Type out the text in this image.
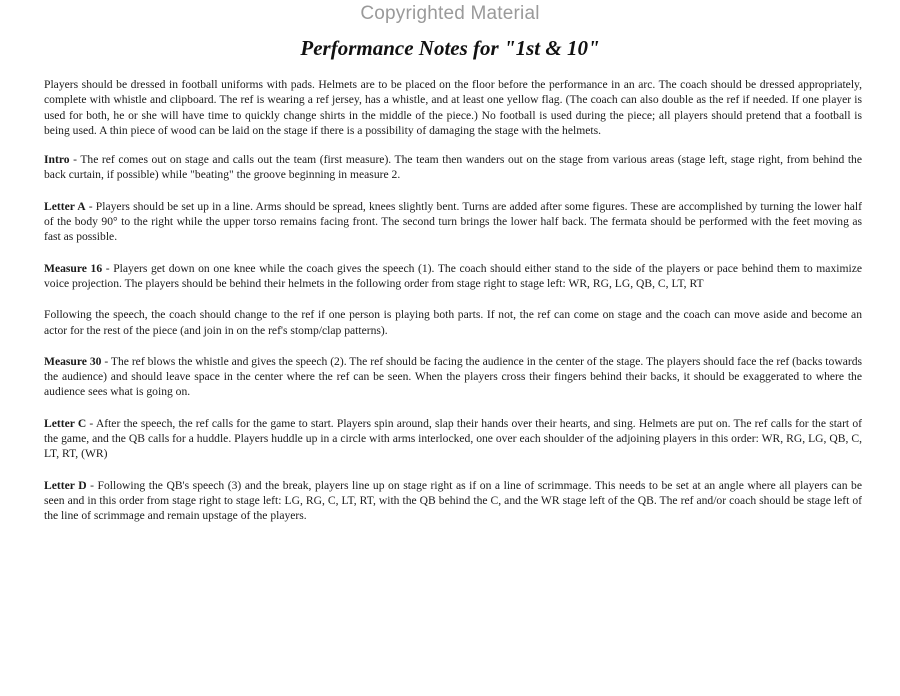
Copyrighted Material
Performance Notes for "1st & 10"

Players should be dressed in football uniforms with pads. Helmets are to be placed on the floor before the performance in an arc. The coach should be dressed appropriately, complete with whistle and clipboard. The ref is wearing a ref jersey, has a whistle, and at least one yellow flag. (The coach can also double as the ref if needed. If one player is used for both, he or she will have time to quickly change shirts in the middle of the piece.) No football is used during the piece; all players should pretend that a football is being used. A thin piece of wood can be laid on the stage if there is a possibility of damaging the stage with the helmets.

Intro - The ref comes out on stage and calls out the team (first measure). The team then wanders out on the stage from various areas (stage left, stage right, from behind the back curtain, if possible) while "beating" the groove beginning in measure 2.

Letter A - Players should be set up in a line. Arms should be spread, knees slightly bent. Turns are added after some figures. These are accomplished by turning the lower half of the body 90° to the right while the upper torso remains facing front. The second turn brings the lower half back. The fermata should be performed with the feet moving as fast as possible.

Measure 16 - Players get down on one knee while the coach gives the speech (1). The coach should either stand to the side of the players or pace behind them to maximize voice projection. The players should be behind their helmets in the following order from stage right to stage left: WR, RG, LG, QB, C, LT, RT

Following the speech, the coach should change to the ref if one person is playing both parts. If not, the ref can come on stage and the coach can move aside and become an actor for the rest of the piece (and join in on the ref's stomp/clap patterns).

Measure 30 - The ref blows the whistle and gives the speech (2). The ref should be facing the audience in the center of the stage. The players should face the ref (backs towards the audience) and should leave space in the center where the ref can be seen. When the players cross their fingers behind their backs, it should be exaggerated to where the audience sees what is going on.

Letter C - After the speech, the ref calls for the game to start. Players spin around, slap their hands over their hearts, and sing. Helmets are put on. The ref calls for the start of the game, and the QB calls for a huddle. Players huddle up in a circle with arms interlocked, one over each shoulder of the adjoining players in this order: WR, RG, LG, QB, C, LT, RT, (WR)

Letter D - Following the QB's speech (3) and the break, players line up on stage right as if on a line of scrimmage. This needs to be set at an angle where all players can be seen and in this order from stage right to stage left: LG, RG, C, LT, RT, with the QB behind the C, and the WR stage left of the QB. The ref and/or coach should be stage left of the line of scrimmage and remain upstage of the players.
